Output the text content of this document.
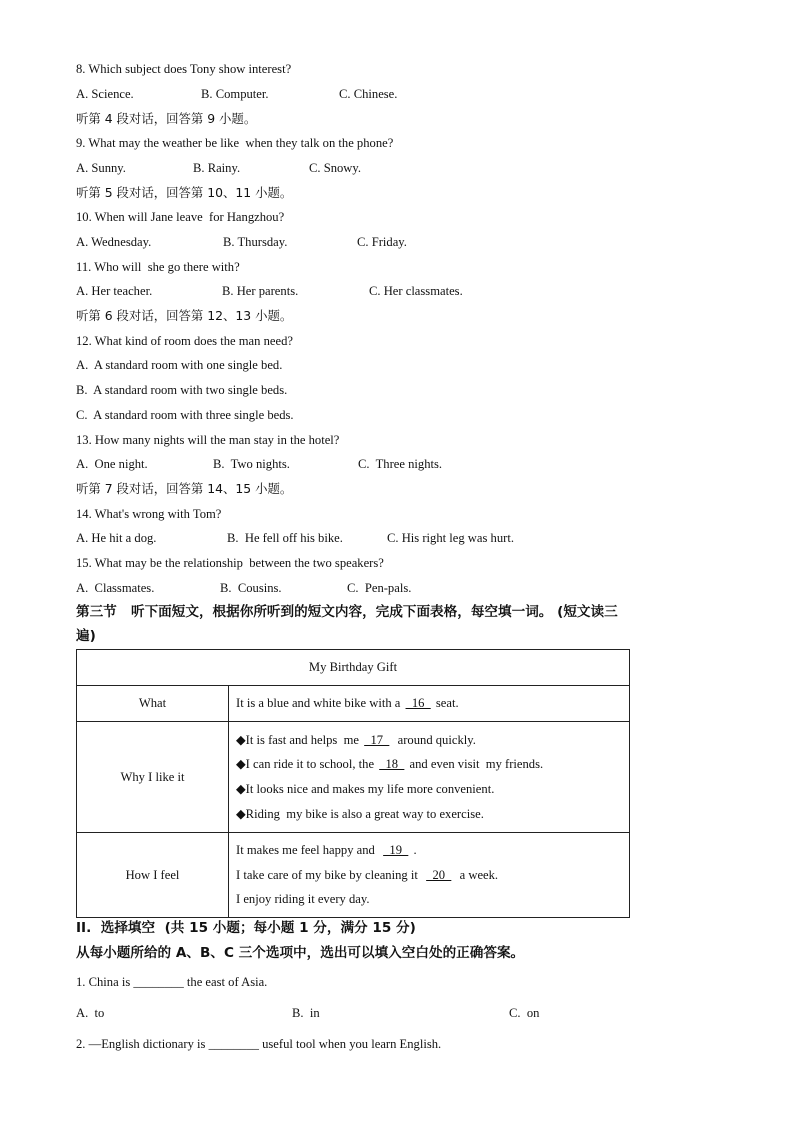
8. Which subject does Tony show interest?
A. Science.	B. Computer.	C. Chinese.
听第 4 段对话，回答第 9 小题。
9. What may the weather be like  when they talk on the phone?
A. Sunny.	B. Rainy.	C. Snowy.
听第 5 段对话，回答第 10、11 小题。
10. When will Jane leave  for Hangzhou?
A. Wednesday.	B. Thursday.	C. Friday.
11. Who will  she go there with?
A. Her teacher.	B. Her parents.	C. Her classmates.
听第 6 段对话，回答第 12、13 小题。
12. What kind of room does the man need?
A.  A standard room with one single bed.
B.  A standard room with two single beds.
C.  A standard room with three single beds.
13. How many nights will the man stay in the hotel?
A.  One night.	B.  Two nights.	C.  Three nights.
听第 7 段对话，回答第 14、15 小题。
14. What's wrong with Tom?
A. He hit a dog.	B.  He fell off his bike.	C. His right leg was hurt.
15. What may be the relationship  between the two speakers?
A.  Classmates.	B.  Cousins.	C.  Pen-pals.
第三节   听下面短文，根据你所听到的短文内容，完成下面表格，每空填一词。 (短文读三
遍)
My Birthday Gift	
What	It is a blue and white bike with a   16   seat.

Why I like it	◆It is fast and helps  me   17    around quickly.
◆I can ride it to school, the   18   and even visit  my friends.
◆It looks nice and makes my life more convenient.
◆Riding  my bike is also a great way to exercise.

How I feel	It makes me feel happy and    19   .
I take care of my bike by cleaning it    20    a week.
I enjoy riding it every day.
II.  选择填空  (共 15 小题；每小题 1 分，满分 15 分)
从每小题所给的 A、B、C 三个选项中，选出可以填入空白处的正确答案。
1. China is ________ the east of Asia.
A.  to	B.  in	C.  on
2. —English dictionary is ________ useful tool when you learn English.
